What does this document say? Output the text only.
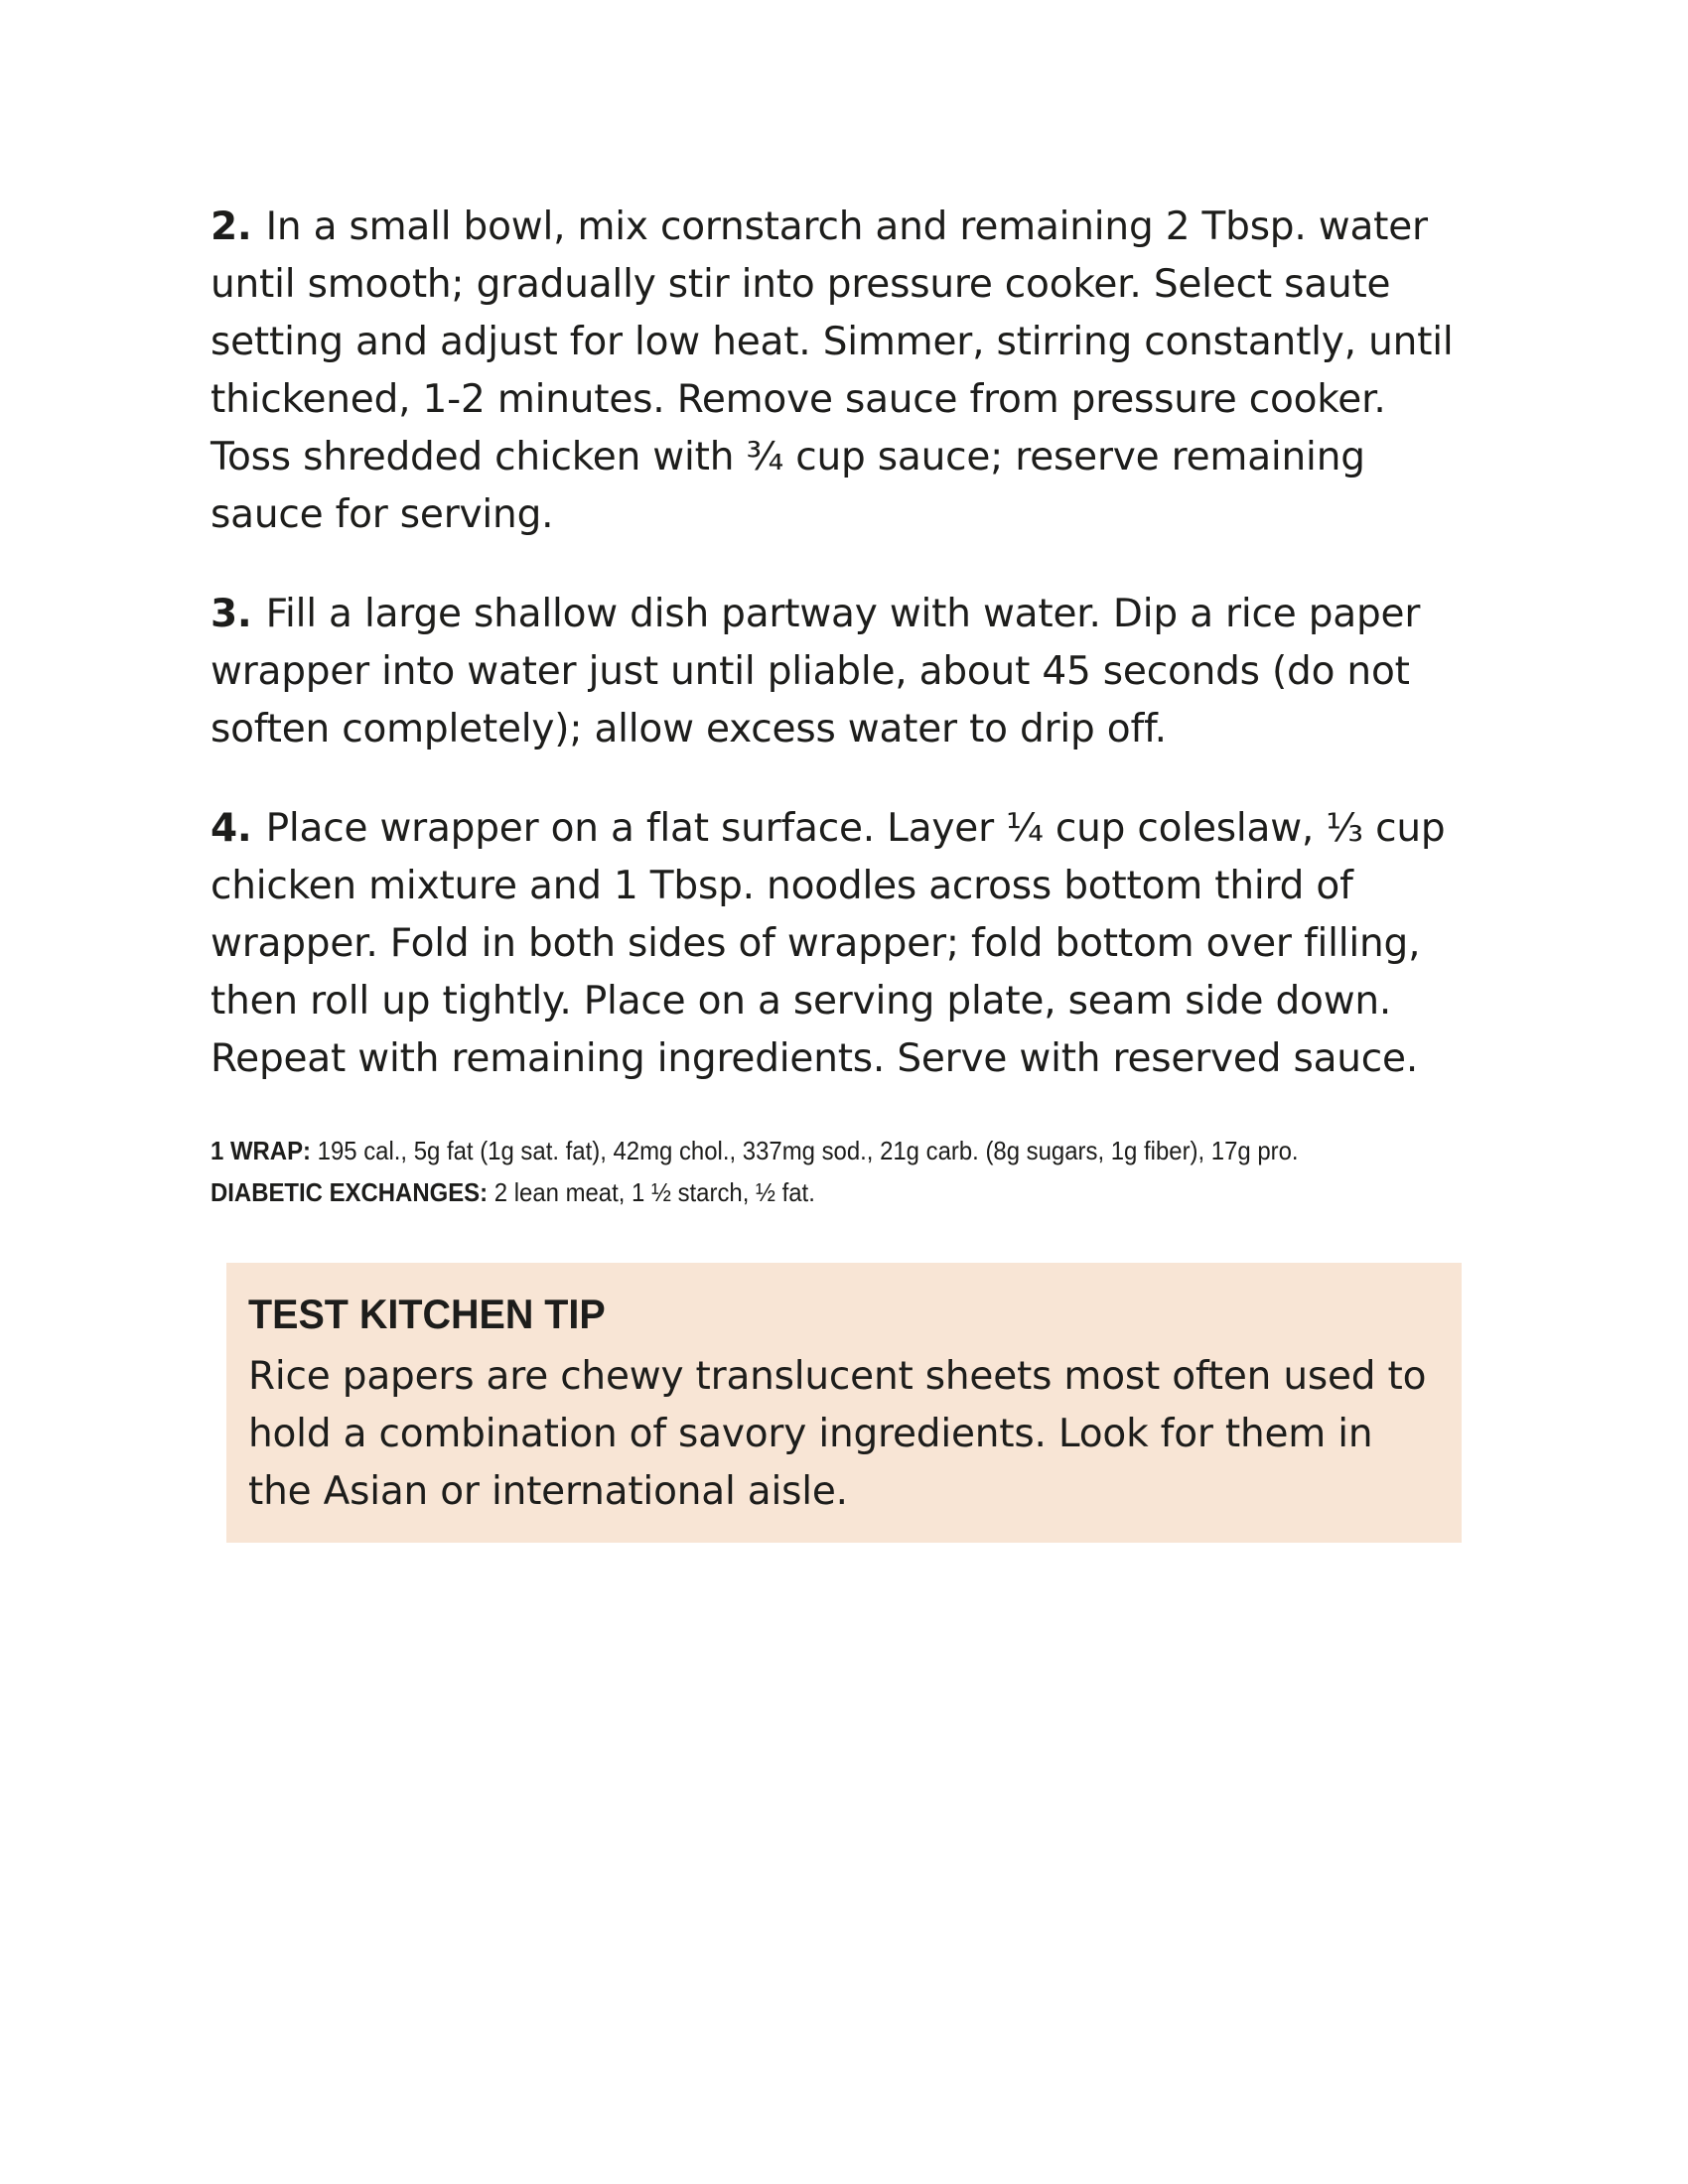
2. In a small bowl, mix cornstarch and remaining 2 Tbsp. water until smooth; gradually stir into pressure cooker. Select saute setting and adjust for low heat. Simmer, stirring constantly, until thickened, 1-2 minutes. Remove sauce from pressure cooker. Toss shredded chicken with ¾ cup sauce; reserve remaining sauce for serving.

3. Fill a large shallow dish partway with water. Dip a rice paper wrapper into water just until pliable, about 45 seconds (do not soften completely); allow excess water to drip off.

4. Place wrapper on a flat surface. Layer ¼ cup coleslaw, ⅓ cup chicken mixture and 1 Tbsp. noodles across bottom third of wrapper. Fold in both sides of wrapper; fold bottom over filling, then roll up tightly. Place on a serving plate, seam side down. Repeat with remaining ingredients. Serve with reserved sauce.

1 WRAP: 195 cal., 5g fat (1g sat. fat), 42mg chol., 337mg sod., 21g carb. (8g sugars, 1g fiber), 17g pro.
DIABETIC EXCHANGES: 2 lean meat, 1 ½ starch, ½ fat.
TEST KITCHEN TIP
Rice papers are chewy translucent sheets most often used to hold a combination of savory ingredients. Look for them in the Asian or international aisle.
